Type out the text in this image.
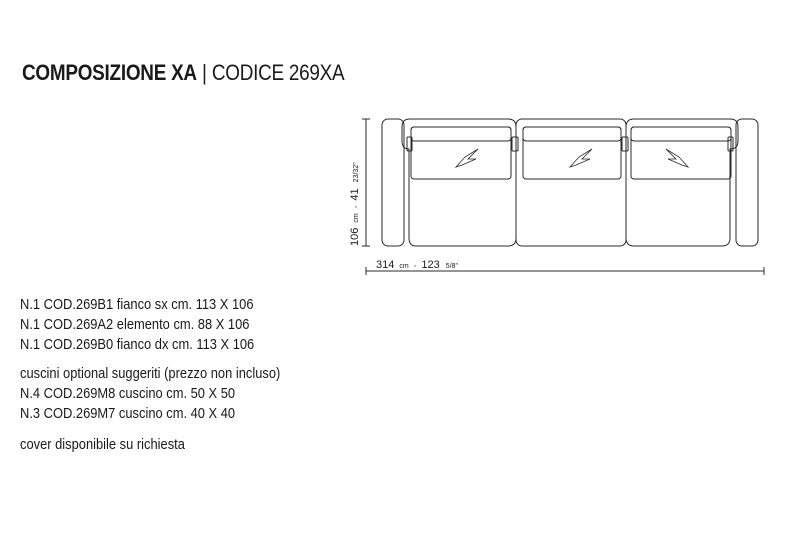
COMPOSIZIONE XA | CODICE 269XA
106 cm ◦ 41 23/32"
314 cm ◦ 123 5/8"
N.1 COD.269B1 fianco sx cm. 113 X 106
N.1 COD.269A2 elemento cm. 88 X 106
N.1 COD.269B0 fianco dx cm. 113 X 106
cuscini optional suggeriti (prezzo non incluso)
N.4 COD.269M8 cuscino cm. 50 X 50
N.3 COD.269M7 cuscino cm. 40 X 40
cover disponibile su richiesta
